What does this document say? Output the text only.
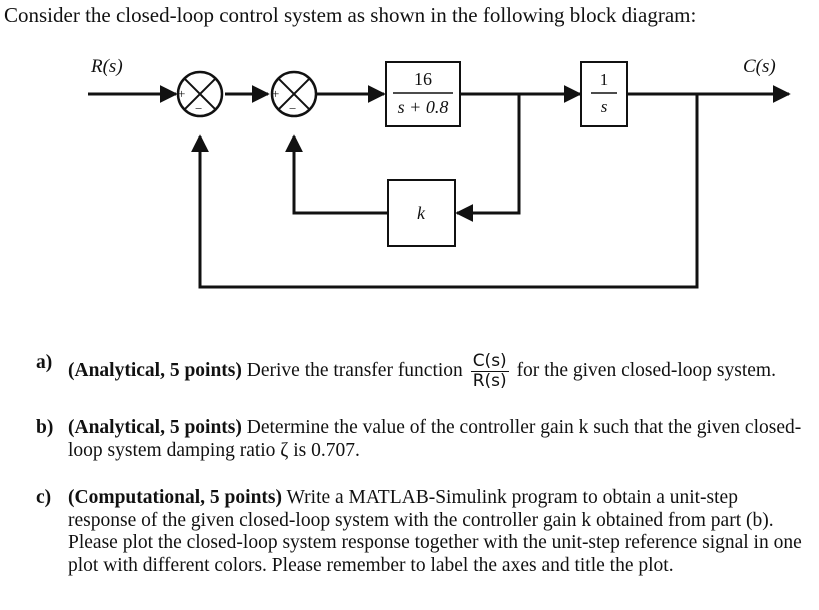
Consider the closed-loop control system as shown in the following block diagram:
+
−
+
−
16
s + 0.8
1
s
k
R(s)	C(s)
a) (Analytical, 5 points) Derive the transfer function $\frac{C(s)}{R(s)}$ for the given closed-loop system.
b) (Analytical, 5 points) Determine the value of the controller gain k such that the given closed-loop system damping ratio ζ is 0.707.
c) (Computational, 5 points) Write a MATLAB-Simulink program to obtain a unit-step response of the given closed-loop system with the controller gain k obtained from part (b). Please plot the closed-loop system response together with the unit-step reference signal in one plot with different colors. Please remember to label the axes and title the plot.
